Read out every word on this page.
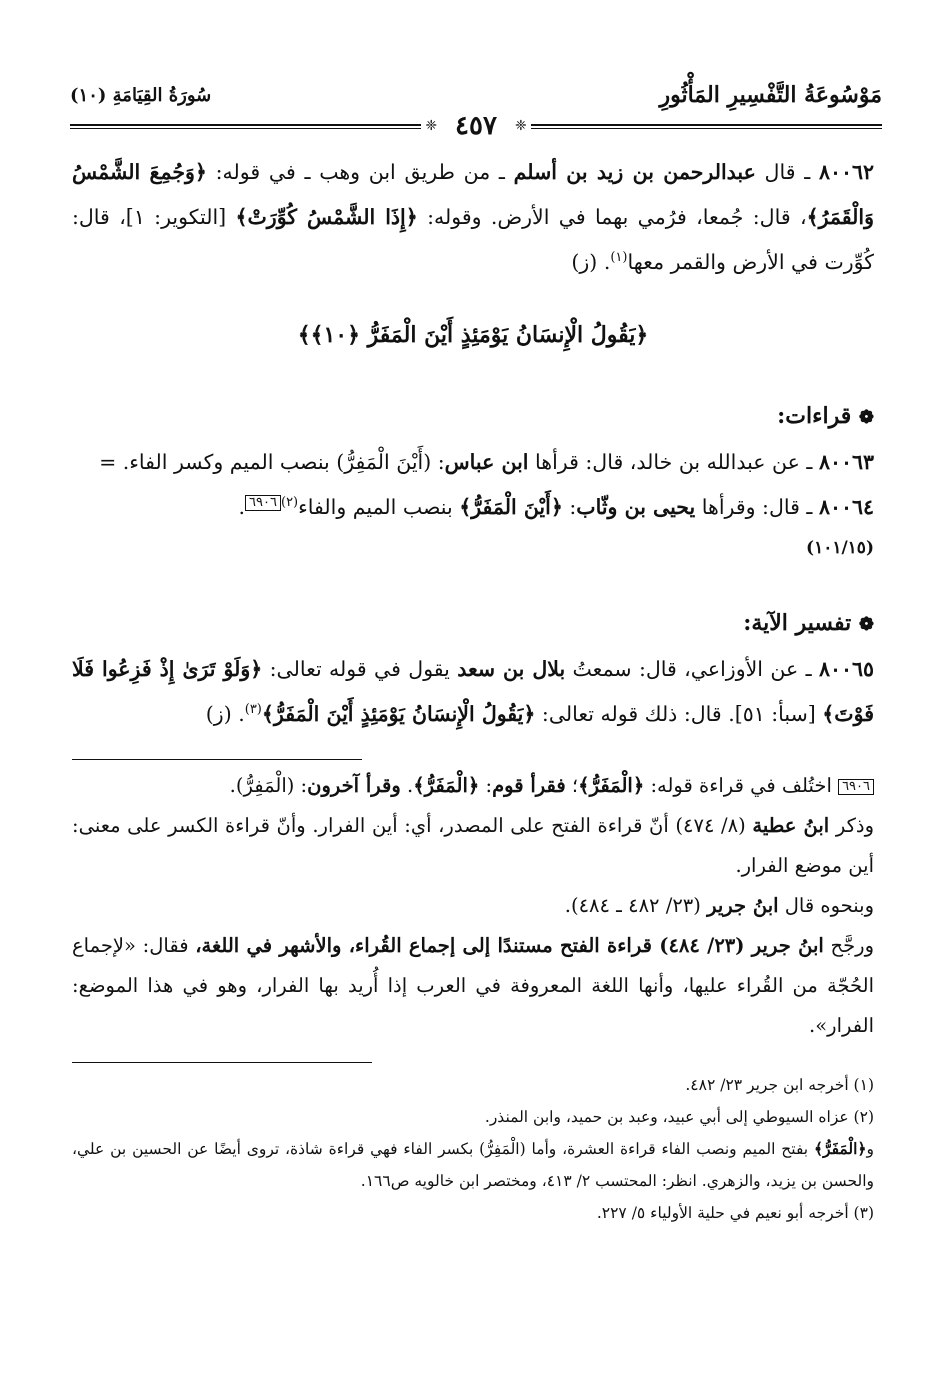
مَوْسُوعَةُ التَّفْسِيرِ المَأْثُورِ
سُورَةُ القِيَامَةِ (١٠)
❈
٤٥٧
❈

٨٠٠٦٢ ـ قال عبدالرحمن بن زيد بن أسلم ـ من طريق ابن وهب ـ في قوله: ﴿وَجُمِعَ الشَّمْسُ وَالْقَمَرُ﴾، قال: جُمعا، فرُمي بهما في الأرض. وقوله: ﴿إِذَا الشَّمْسُ كُوِّرَتْ﴾ [التكوير: ١]، قال: كُوِّرت في الأرض والقمر معها$^{(١)}$. (ز)

﴿يَقُولُ الْإِنسَانُ يَوْمَئِذٍ أَيْنَ الْمَفَرُّ ﴿١٠﴾﴾
❁ قراءات:

٨٠٠٦٣ ـ عن عبدالله بن خالد، قال: قرأها ابن عباس: (أَيْنَ الْمَفِرُّ) بنصب الميم وكسر الفاء. =

٨٠٠٦٤ ـ قال: وقرأها يحيى بن وثّاب: ﴿أَيْنَ الْمَفَرُّ﴾ بنصب الميم والفاء$^{(٢)}$٦٩٠٦.

(١٠١/١٥)
❁ تفسير الآية:

٨٠٠٦٥ ـ عن الأوزاعي، قال: سمعتُ بلال بن سعد يقول في قوله تعالى: ﴿وَلَوْ تَرَىٰ إِذْ فَزِعُوا فَلَا فَوْتَ﴾ [سبأ: ٥١]. قال: ذلك قوله تعالى: ﴿يَقُولُ الْإِنسَانُ يَوْمَئِذٍ أَيْنَ الْمَفَرُّ﴾$^{(٣)}$. (ز)

٦٩٠٦ اختُلف في قراءة قوله: ﴿الْمَفَرُّ﴾؛ فقرأ قوم: ﴿الْمَفَرُّ﴾. وقرأ آخرون: (الْمَفِرُّ).

وذكر ابنُ عطية (٨/ ٤٧٤) أنّ قراءة الفتح على المصدر، أي: أين الفرار. وأنّ قراءة الكسر على معنى: أين موضع الفرار.

وبنحوه قال ابنُ جرير (٢٣/ ٤٨٢ ـ ٤٨٤).

ورجَّح ابنُ جرير (٢٣/ ٤٨٤) قراءة الفتح مستندًا إلى إجماع القُراء، والأشهر في اللغة، فقال: «لإجماع الحُجّة من القُراء عليها، وأنها اللغة المعروفة في العرب إذا أُريد بها الفرار، وهو في هذا الموضع: الفرار».

(١) أخرجه ابن جرير ٢٣/ ٤٨٢.

(٢) عزاه السيوطي إلى أبي عبيد، وعبد بن حميد، وابن المنذر.

و﴿الْمَفَرُّ﴾ بفتح الميم ونصب الفاء قراءة العشرة، وأما (الْمَفِرُّ) بكسر الفاء فهي قراءة شاذة، تروى أيضًا عن الحسين بن علي، والحسن بن يزيد، والزهري. انظر: المحتسب ٢/ ٤١٣، ومختصر ابن خالويه ص١٦٦.

(٣) أخرجه أبو نعيم في حلية الأولياء ٥/ ٢٢٧.
